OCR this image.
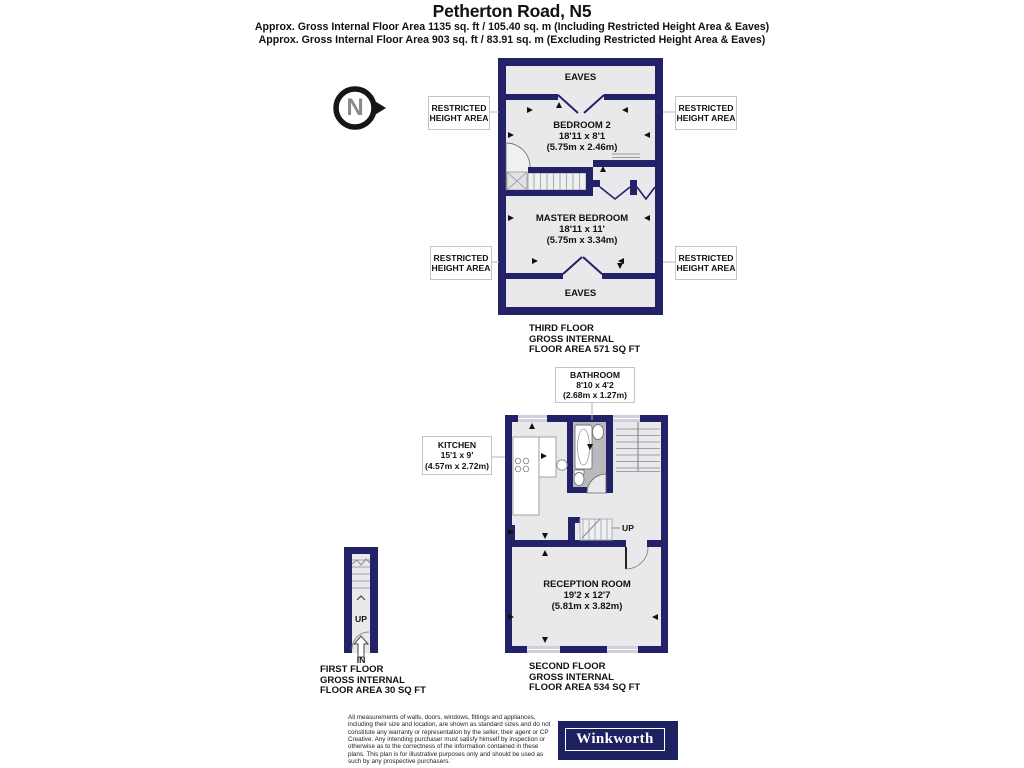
Petherton Road, N5
Approx. Gross Internal Floor Area 1135 sq. ft / 105.40 sq. m (Including Restricted Height Area & Eaves)
Approx. Gross Internal Floor Area 903 sq. ft / 83.91 sq. m (Excluding Restricted Height Area & Eaves)
N
EAVES
RESTRICTED HEIGHT AREA
RESTRICTED HEIGHT AREA
RESTRICTED HEIGHT AREA
RESTRICTED HEIGHT AREA
BEDROOM 2
18'11 x 8'1
(5.75m x 2.46m)
MASTER BEDROOM
18'11 x 11'
(5.75m x 3.34m)
EAVES
THIRD FLOOR
GROSS INTERNAL
FLOOR AREA 571 SQ FT
BATHROOM
8'10 x 4'2
(2.68m x 1.27m)
KITCHEN
15'1 x 9'
(4.57m x 2.72m)
UP
RECEPTION ROOM
19'2 x 12'7
(5.81m x 3.82m)
SECOND FLOOR
GROSS INTERNAL
FLOOR AREA 534 SQ FT
UP
IN
FIRST FLOOR
GROSS INTERNAL
FLOOR AREA 30 SQ FT
All measurements of walls, doors, windows, fittings and appliances, including their size and location, are shown as standard sizes and do not constitute any warranty or representation by the seller, their agent or CP Creative. Any intending purchaser must satisfy himself by inspection or otherwise as to the correctness of the information contained in these plans. This plan is for illustrative purposes only and should be used as such by any prospective purchasers.
Winkworth
